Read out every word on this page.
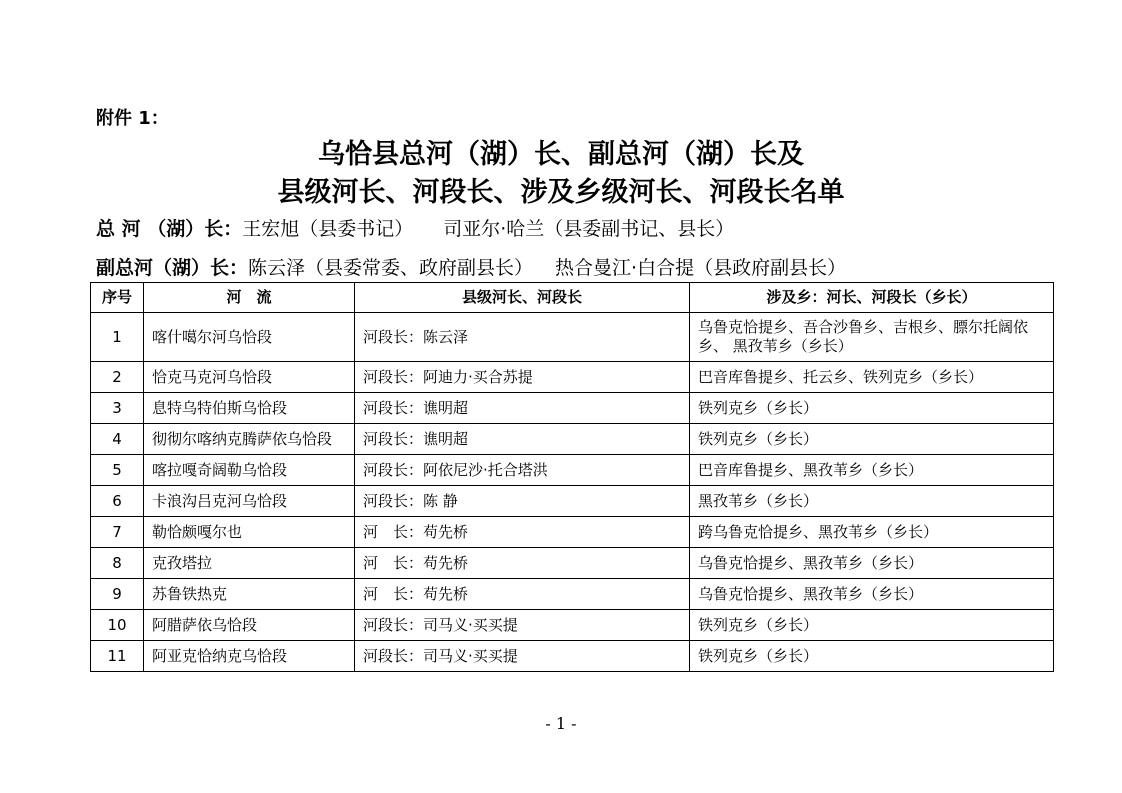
附件 1：
乌恰县总河（湖）长、副总河（湖）长及
县级河长、河段长、涉及乡级河长、河段长名单
总 河 （湖）长：王宏旭（县委书记） 司亚尔·哈兰（县委副书记、县长）
副总河（湖）长：陈云泽（县委常委、政府副县长） 热合曼江·白合提（县政府副县长）
序号	河　流	县级河长、河段长	涉及乡：河长、河段长（乡长）
1	喀什噶尔河乌恰段	河段长：陈云泽	乌鲁克恰提乡、吾合沙鲁乡、吉根乡、膘尔托阔依乡、 黑孜苇乡（乡长）
2	恰克马克河乌恰段	河段长：阿迪力·买合苏提	巴音库鲁提乡、托云乡、铁列克乡（乡长）
3	息特乌特伯斯乌恰段	河段长：谯明超	铁列克乡（乡长）
4	彻彻尔喀纳克腾萨依乌恰段	河段长：谯明超	铁列克乡（乡长）
5	喀拉嘎奇阔勒乌恰段	河段长：阿依尼沙·托合塔洪	巴音库鲁提乡、黑孜苇乡（乡长）
6	卡浪沟吕克河乌恰段	河段长：陈 静	黑孜苇乡（乡长）
7	勒恰颇嘎尔也	河　长：苟先桥	跨乌鲁克恰提乡、黑孜苇乡（乡长）
8	克孜塔拉	河　长：苟先桥	乌鲁克恰提乡、黑孜苇乡（乡长）
9	苏鲁铁热克	河　长：苟先桥	乌鲁克恰提乡、黑孜苇乡（乡长）
10	阿腊萨依乌恰段	河段长：司马义·买买提	铁列克乡（乡长）
11	阿亚克恰纳克乌恰段	河段长：司马义·买买提	铁列克乡（乡长）
- 1 -
